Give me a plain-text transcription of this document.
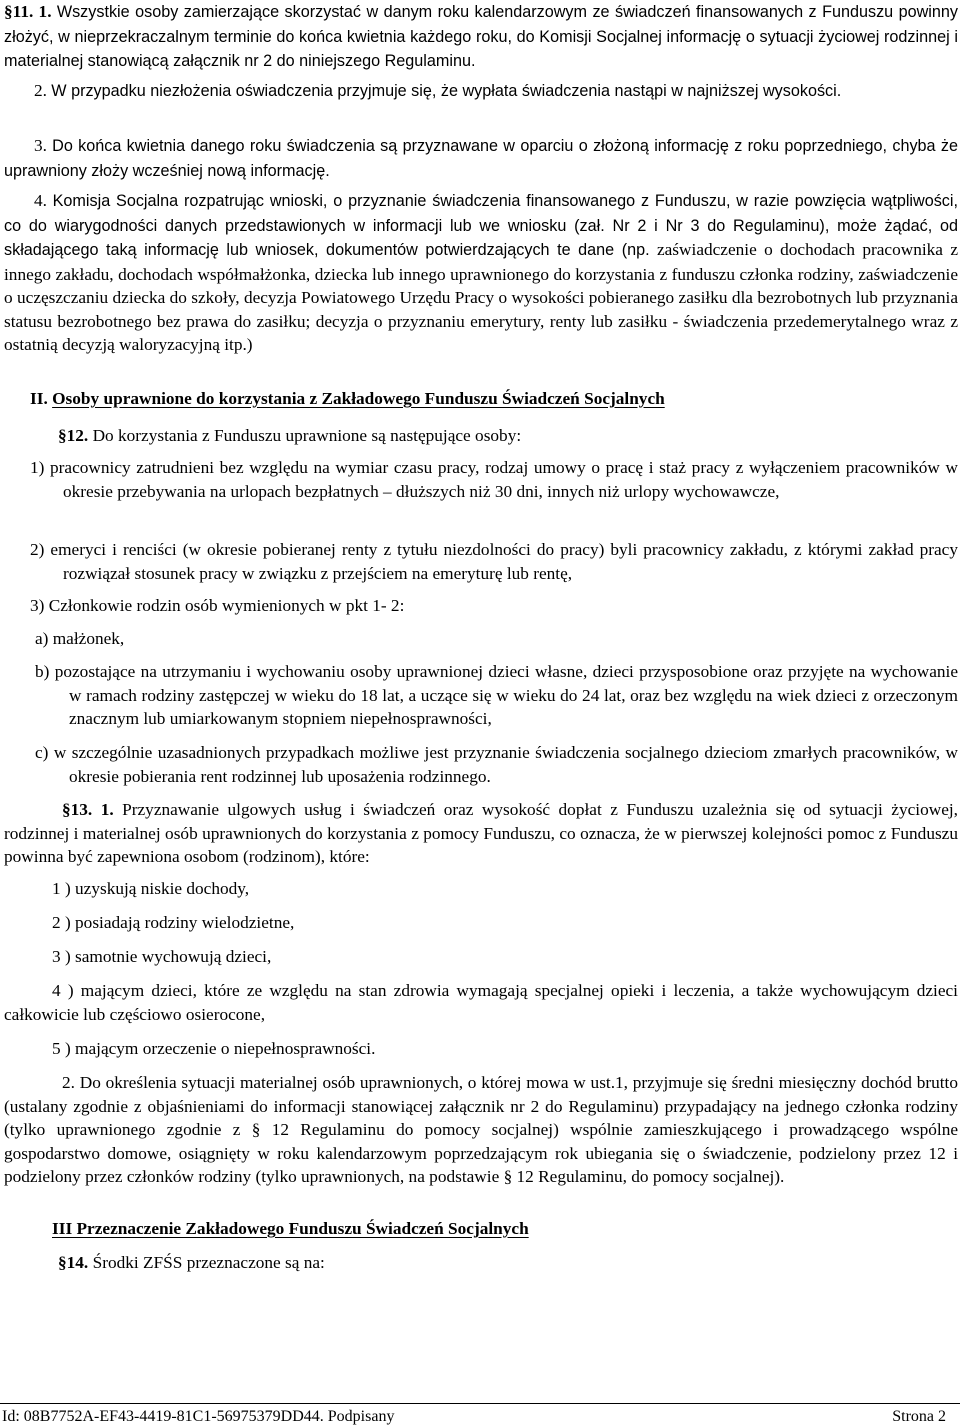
§11. 1. Wszystkie osoby zamierzające skorzystać w danym roku kalendarzowym ze świadczeń finansowanych z Funduszu powinny złożyć, w nieprzekraczalnym terminie do końca kwietnia każdego roku, do Komisji Socjalnej informację o sytuacji życiowej rodzinnej i materialnej stanowiącą załącznik nr 2 do niniejszego Regulaminu.

2. W przypadku niezłożenia oświadczenia przyjmuje się, że wypłata świadczenia nastąpi w najniższej wysokości.

3. Do końca kwietnia danego roku świadczenia są przyznawane w oparciu o złożoną informację z roku poprzedniego, chyba że uprawniony złoży wcześniej nową informację.

4. Komisja Socjalna rozpatrując wnioski, o przyznanie świadczenia finansowanego z Funduszu, w razie powzięcia wątpliwości, co do wiarygodności danych przedstawionych w informacji lub we wniosku (zał. Nr 2 i Nr 3 do Regulaminu), może żądać, od składającego taką informację lub wniosek, dokumentów potwierdzających te dane (np. zaświadczenie o dochodach pracownika z innego zakładu, dochodach współmałżonka, dziecka lub innego uprawnionego do korzystania z funduszu członka rodziny, zaświadczenie o uczęszczaniu dziecka do szkoły, decyzja Powiatowego Urzędu Pracy o wysokości pobieranego zasiłku dla bezrobotnych lub przyznania statusu bezrobotnego bez prawa do zasiłku; decyzja o przyznaniu emerytury, renty lub zasiłku - świadczenia przedemerytalnego wraz z ostatnią decyzją waloryzacyjną itp.)

II. Osoby uprawnione do korzystania z Zakładowego Funduszu Świadczeń Socjalnych

§12. Do korzystania z Funduszu uprawnione są następujące osoby:

1) pracownicy zatrudnieni bez względu na wymiar czasu pracy, rodzaj umowy o pracę i staż pracy z wyłączeniem pracowników w okresie przebywania na urlopach bezpłatnych – dłuższych niż 30 dni, innych niż urlopy wychowawcze,

2) emeryci i renciści (w okresie pobieranej renty z tytułu niezdolności do pracy) byli pracownicy zakładu, z którymi zakład pracy rozwiązał stosunek pracy w związku z przejściem na emeryturę lub rentę,

3) Członkowie rodzin osób wymienionych w pkt 1- 2:

a) małżonek,

b) pozostające na utrzymaniu i wychowaniu osoby uprawnionej dzieci własne, dzieci przysposobione oraz przyjęte na wychowanie w ramach rodziny zastępczej w wieku do 18 lat, a uczące się w wieku do 24 lat, oraz bez względu na wiek dzieci z orzeczonym znacznym lub umiarkowanym stopniem niepełnosprawności,

c) w szczególnie uzasadnionych przypadkach możliwe jest przyznanie świadczenia socjalnego dzieciom zmarłych pracowników, w okresie pobierania rent rodzinnej lub uposażenia rodzinnego.

§13. 1. Przyznawanie ulgowych usług i świadczeń oraz wysokość dopłat z Funduszu uzależnia się od sytuacji życiowej, rodzinnej i materialnej osób uprawnionych do korzystania z pomocy Funduszu, co oznacza, że w pierwszej kolejności pomoc z Funduszu powinna być zapewniona osobom (rodzinom), które:

1 ) uzyskują niskie dochody,

2 ) posiadają rodziny wielodzietne,

3 ) samotnie wychowują dzieci,

4 ) mającym dzieci, które ze względu na stan zdrowia wymagają specjalnej opieki i leczenia, a także wychowującym dzieci całkowicie lub częściowo osierocone,

5 ) mającym orzeczenie o niepełnosprawności.

2. Do określenia sytuacji materialnej osób uprawnionych, o której mowa w ust.1, przyjmuje się średni miesięczny dochód brutto (ustalany zgodnie z objaśnieniami do informacji stanowiącej załącznik nr 2 do Regulaminu) przypadający na jednego członka rodziny (tylko uprawnionego zgodnie z § 12 Regulaminu do pomocy socjalnej) wspólnie zamieszkującego i prowadzącego wspólne gospodarstwo domowe, osiągnięty w roku kalendarzowym poprzedzającym rok ubiegania się o świadczenie, podzielony przez 12 i podzielony przez członków rodziny (tylko uprawnionych, na podstawie § 12 Regulaminu, do pomocy socjalnej).

III Przeznaczenie Zakładowego Funduszu Świadczeń Socjalnych

§14. Środki ZFŚS przeznaczone są na:

Id: 08B7752A-EF43-4419-81C1-56975379DD44. Podpisany	Strona 2
